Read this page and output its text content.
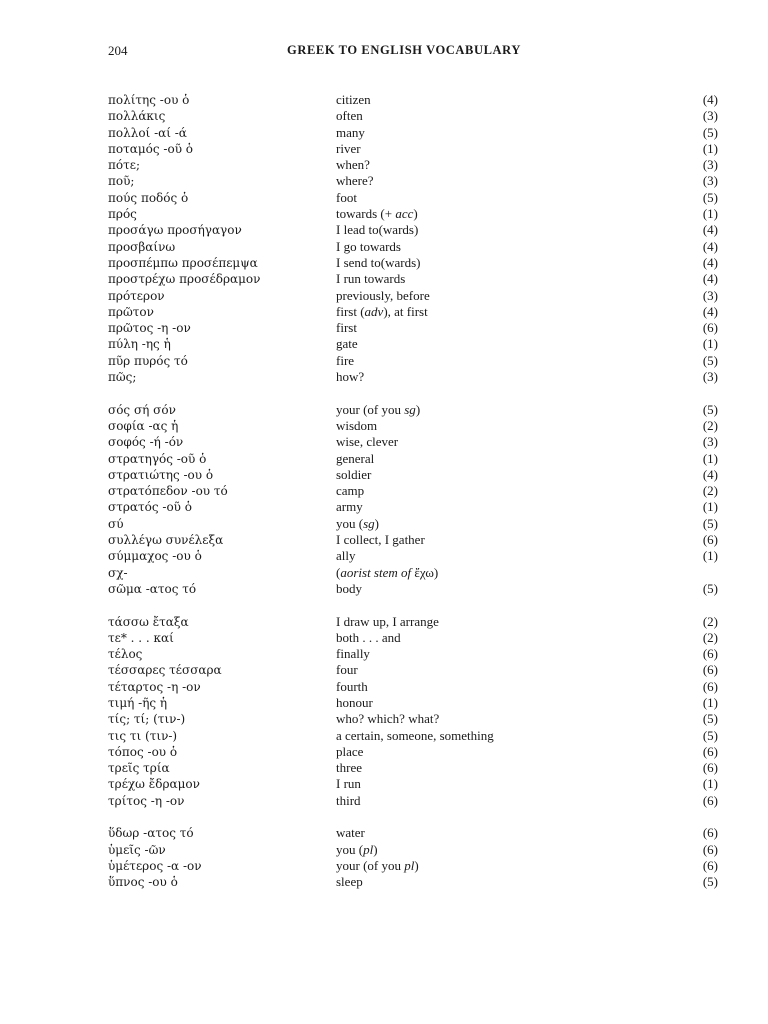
204	GREEK TO ENGLISH VOCABULARY
πολίτης -ου ὁ	citizen	(4)
πολλάκις	often	(3)
πολλοί -αί -ά	many	(5)
ποταμός -οῦ ὁ	river	(1)
πότε;	when?	(3)
ποῦ;	where?	(3)
πούς ποδός ὁ	foot	(5)
πρός	towards (+ acc)	(1)
προσάγω προσήγαγον	I lead to(wards)	(4)
προσβαίνω	I go towards	(4)
προσπέμπω προσέπεμψα	I send to(wards)	(4)
προστρέχω προσέδραμον	I run towards	(4)
πρότερον	previously, before	(3)
πρῶτον	first (adv), at first	(4)
πρῶτος -η -ον	first	(6)
πύλη -ης ἡ	gate	(1)
πῦρ πυρός τό	fire	(5)
πῶς;	how?	(3)
σός σή σόν	your (of you sg)	(5)
σοφία -ας ἡ	wisdom	(2)
σοφός -ή -όν	wise, clever	(3)
στρατηγός -οῦ ὁ	general	(1)
στρατιώτης -ου ὁ	soldier	(4)
στρατόπεδον -ου τό	camp	(2)
στρατός -οῦ ὁ	army	(1)
σύ	you (sg)	(5)
συλλέγω συνέλεξα	I collect, I gather	(6)
σύμμαχος -ου ὁ	ally	(1)
σχ-	(aorist stem of ἔχω)
σῶμα -ατος τό	body	(5)
τάσσω ἔταξα	I draw up, I arrange	(2)
τε* . . . καί	both . . . and	(2)
τέλος	finally	(6)
τέσσαρες τέσσαρα	four	(6)
τέταρτος -η -ον	fourth	(6)
τιμή -ῆς ἡ	honour	(1)
τίς; τί; (τιν-)	who? which? what?	(5)
τις τι (τιν-)	a certain, someone, something	(5)
τόπος -ου ὁ	place	(6)
τρεῖς τρία	three	(6)
τρέχω ἔδραμον	I run	(1)
τρίτος -η -ον	third	(6)
ὕδωρ -ατος τό	water	(6)
ὑμεῖς -ῶν	you (pl)	(6)
ὑμέτερος -α -ον	your (of you pl)	(6)
ὕπνος -ου ὁ	sleep	(5)
